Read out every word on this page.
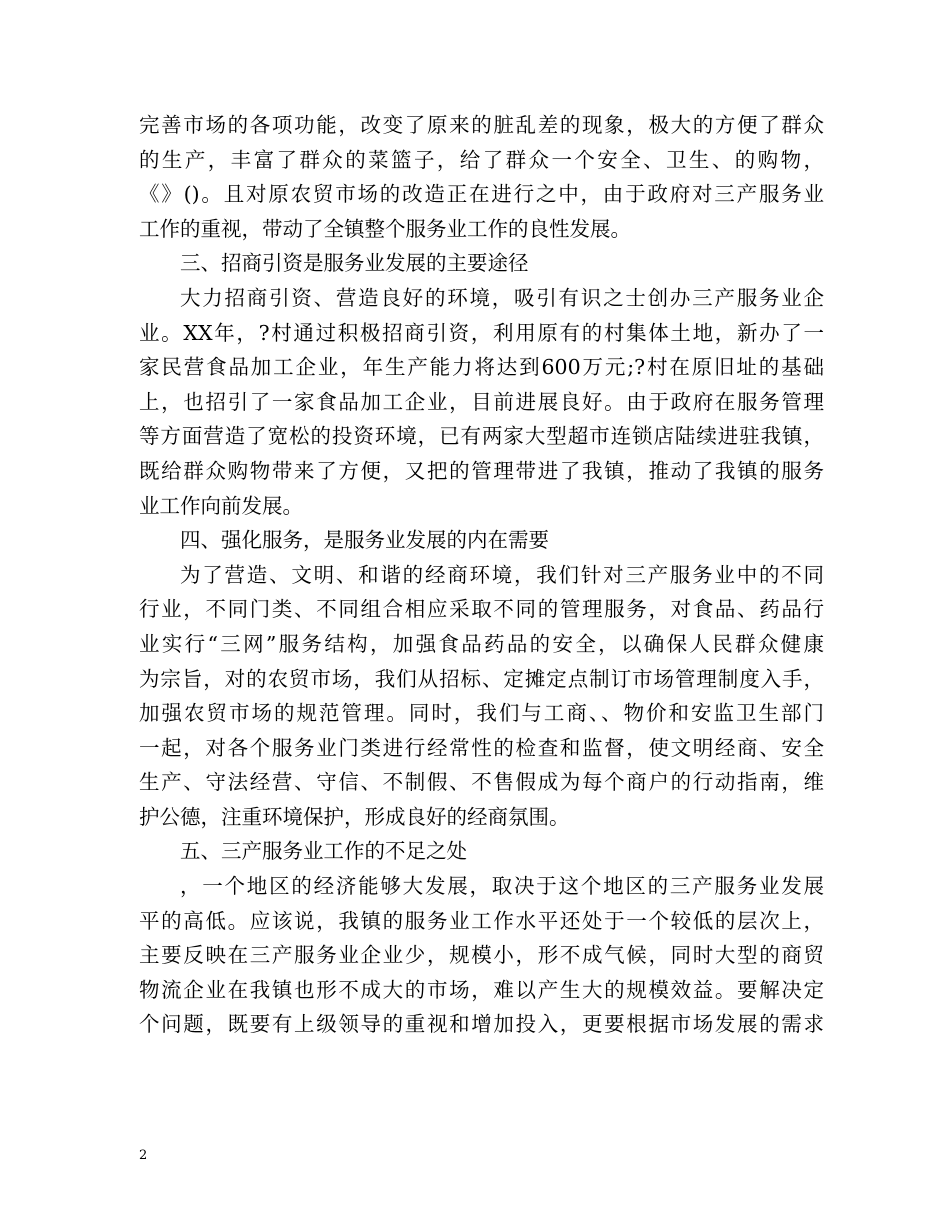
完善市场的各项功能，改变了原来的脏乱差的现象，极大的方便了群众
的生产，丰富了群众的菜篮子，给了群众一个安全、卫生、的购物，
《》()。且对原农贸市场的改造正在进行之中，由于政府对三产服务业
工作的重视，带动了全镇整个服务业工作的良性发展。
三、招商引资是服务业发展的主要途径
大力招商引资、营造良好的环境，吸引有识之士创办三产服务业企
业。XX年，?村通过积极招商引资，利用原有的村集体土地，新办了一
家民营食品加工企业，年生产能力将达到600万元;?村在原旧址的基础
上，也招引了一家食品加工企业，目前进展良好。由于政府在服务管理
等方面营造了宽松的投资环境，已有两家大型超市连锁店陆续进驻我镇，
既给群众购物带来了方便，又把的管理带进了我镇，推动了我镇的服务
业工作向前发展。
四、强化服务，是服务业发展的内在需要
为了营造、文明、和谐的经商环境，我们针对三产服务业中的不同
行业，不同门类、不同组合相应采取不同的管理服务，对食品、药品行
业实行“三网”服务结构，加强食品药品的安全，以确保人民群众健康
为宗旨，对的农贸市场，我们从招标、定摊定点制订市场管理制度入手，
加强农贸市场的规范管理。同时，我们与工商、、物价和安监卫生部门
一起，对各个服务业门类进行经常性的检查和监督，使文明经商、安全
生产、守法经营、守信、不制假、不售假成为每个商户的行动指南，维
护公德，注重环境保护，形成良好的经商氛围。
五、三产服务业工作的不足之处
，一个地区的经济能够大发展，取决于这个地区的三产服务业发展
平的高低。应该说，我镇的服务业工作水平还处于一个较低的层次上，
主要反映在三产服务业企业少，规模小，形不成气候，同时大型的商贸
物流企业在我镇也形不成大的市场，难以产生大的规模效益。要解决定
个问题，既要有上级领导的重视和增加投入，更要根据市场发展的需求
2
